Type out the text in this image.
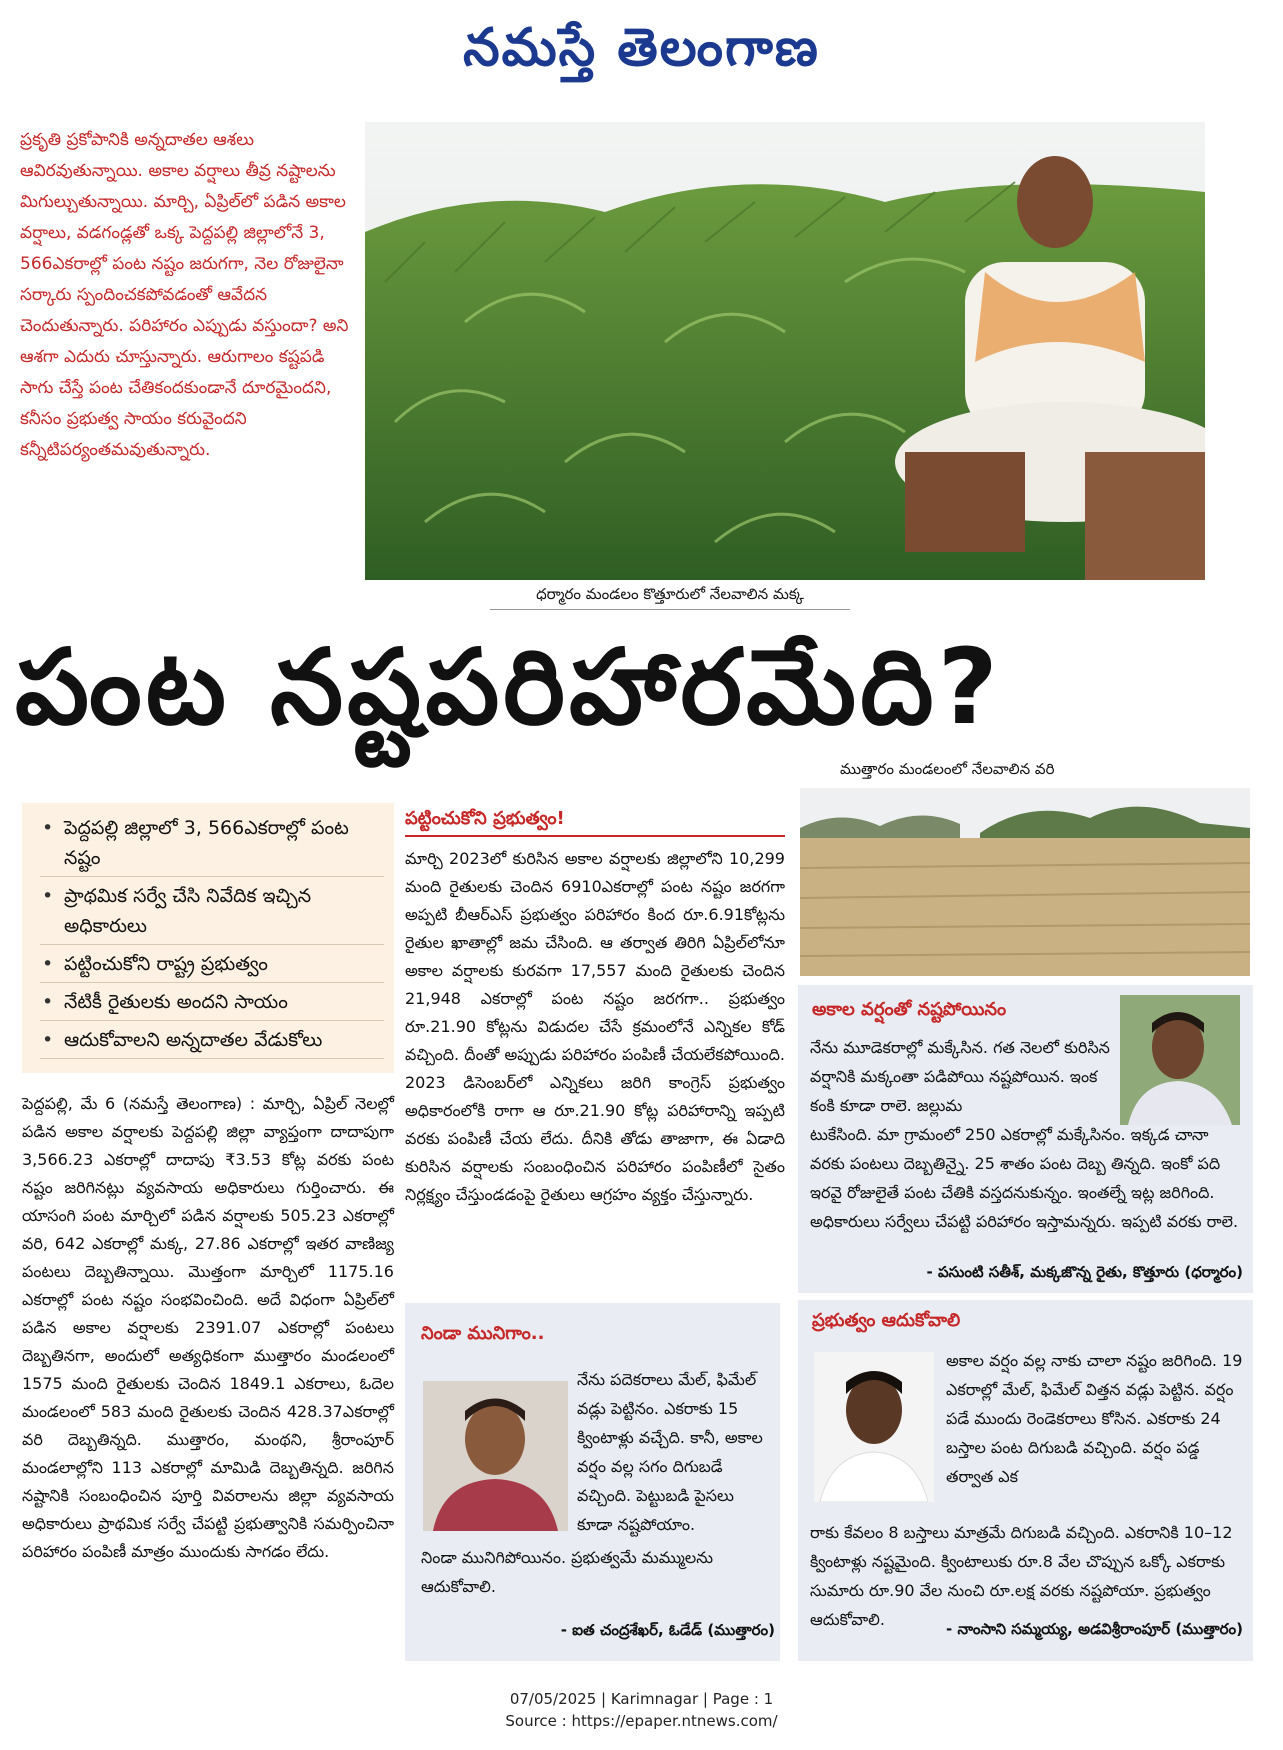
నమస్తే తెలంగాణ
ప్రకృతి ప్రకోపానికి అన్నదాతల ఆశలు ఆవిరవుతున్నాయి. అకాల వర్షాలు తీవ్ర నష్టాలను మిగుల్చుతున్నాయి. మార్చి, ఏప్రిల్‌లో పడిన అకాల వర్షాలు, వడగండ్లతో ఒక్క పెద్దపల్లి జిల్లాలోనే 3, 566ఎకరాల్లో పంట నష్టం జరుగగా, నెల రోజులైనా సర్కారు స్పందించకపోవడంతో ఆవేదన చెందుతున్నారు. పరిహారం ఎప్పుడు వస్తుందా? అని ఆశగా ఎదురు చూస్తున్నారు. ఆరుగాలం కష్టపడి సాగు చేస్తే పంట చేతికందకుండానే దూరమైందని, కనీసం ప్రభుత్వ సాయం కరువైందని కన్నీటిపర్యంతమవుతున్నారు.
ధర్మారం మండలం కొత్తూరులో నేలవాలిన మక్క
పంట నష్టపరిహారమేది?
ముత్తారం మండలంలో నేలవాలిన వరి
• పెద్దపల్లి జిల్లాలో 3, 566ఎకరాల్లో పంట నష్టం
• ప్రాథమిక సర్వే చేసి నివేదిక ఇచ్చిన అధికారులు
• పట్టించుకోని రాష్ట్ర ప్రభుత్వం
• నేటికీ రైతులకు అందని సాయం
• ఆదుకోవాలని అన్నదాతల వేడుకోలు
పెద్దపల్లి, మే 6 (నమస్తే తెలంగాణ) : మార్చి, ఏప్రిల్ నెలల్లో పడిన అకాల వర్షాలకు పెద్దపల్లి జిల్లా వ్యాప్తంగా దాదాపుగా 3,566.23 ఎకరాల్లో దాదాపు ₹3.53 కోట్ల వరకు పంట నష్టం జరిగినట్లు వ్యవసాయ అధికారులు గుర్తించారు. ఈ యాసంగి పంట మార్చిలో పడిన వర్షాలకు 505.23 ఎకరాల్లో వరి, 642 ఎకరాల్లో మక్క, 27.86 ఎకరాల్లో ఇతర వాణిజ్య పంటలు దెబ్బతిన్నాయి. మొత్తంగా మార్చిలో 1175.16 ఎకరాల్లో పంట నష్టం సంభవించింది. అదే విధంగా ఏప్రిల్‌లో పడిన అకాల వర్షాలకు 2391.07 ఎకరాల్లో పంటలు దెబ్బతినగా, అందులో అత్యధికంగా ముత్తారం మండలంలో 1575 మంది రైతులకు చెందిన 1849.1 ఎకరాలు, ఓదెల మండలంలో 583 మంది రైతులకు చెందిన 428.37ఎకరాల్లో వరి దెబ్బతిన్నది. ముత్తారం, మంథని, శ్రీరాంపూర్ మండలాల్లోని 113 ఎకరాల్లో మామిడి దెబ్బతిన్నది. జరిగిన నష్టానికి సంబంధించిన పూర్తి వివరాలను జిల్లా వ్యవసాయ అధికారులు ప్రాథమిక సర్వే చేపట్టి ప్రభుత్వానికి సమర్పించినా పరిహారం పంపిణీ మాత్రం ముందుకు సాగడం లేదు.
పట్టించుకోని ప్రభుత్వం!
మార్చి 2023లో కురిసిన అకాల వర్షాలకు జిల్లాలోని 10,299 మంది రైతులకు చెందిన 6910ఎకరాల్లో పంట నష్టం జరగగా అప్పటి బీఆర్‌ఎస్ ప్రభుత్వం పరిహారం కింద రూ.6.91కోట్లను రైతుల ఖాతాల్లో జమ చేసింది. ఆ తర్వాత తిరిగి ఏప్రిల్‌లోనూ అకాల వర్షాలకు కురవగా 17,557 మంది రైతులకు చెందిన 21,948 ఎకరాల్లో పంట నష్టం జరగగా.. ప్రభుత్వం రూ.21.90 కోట్లను విడుదల చేసే క్రమంలోనే ఎన్నికల కోడ్ వచ్చింది. దీంతో అప్పుడు పరిహారం పంపిణీ చేయలేకపోయింది. 2023 డిసెంబర్‌లో ఎన్నికలు జరిగి కాంగ్రెస్ ప్రభుత్వం అధికారంలోకి రాగా ఆ రూ.21.90 కోట్ల పరిహారాన్ని ఇప్పటి వరకు పంపిణీ చేయ లేదు. దీనికి తోడు తాజాగా, ఈ ఏడాది కురిసిన వర్షాలకు సంబంధించిన పరిహారం పంపిణీలో సైతం నిర్లక్ష్యం చేస్తుండడంపై రైతులు ఆగ్రహం వ్యక్తం చేస్తున్నారు.
నిండా మునిగాం..
నేను పదెకరాలు మేల్, ఫిమేల్ వడ్లు పెట్టినం. ఎకరాకు 15 క్వింటాళ్లు వచ్చేది. కానీ, అకాల వర్షం వల్ల సగం దిగుబడే వచ్చింది. పెట్టుబడి పైసలు కూడా నష్టపోయాం.
నిండా మునిగిపోయినం. ప్రభుత్వమే మమ్ములను ఆదుకోవాలి.
- ఐత చంద్రశేఖర్, ఓడేడ్ (ముత్తారం)
అకాల వర్షంతో నష్టపోయినం
నేను మూడెకరాల్లో మక్కేసిన. గత నెలలో కురిసిన వర్షానికి మక్కంతా పడిపోయి నష్టపోయిన. ఇంక కంకి కూడా రాలె. జల్లుమ
టుకేసింది. మా గ్రామంలో 250 ఎకరాల్లో మక్కేసినం. ఇక్కడ చానా వరకు పంటలు దెబ్బతిన్నై. 25 శాతం పంట దెబ్బ తిన్నది. ఇంకో పది ఇరవై రోజులైతే పంట చేతికి వస్తదనుకున్నం. ఇంతల్నే ఇట్ల జరిగింది. అధికారులు సర్వేలు చేపట్టి పరిహారం ఇస్తామన్నరు. ఇప్పటి వరకు రాలె.
- పసుంటి సతీశ్, మక్కజొన్న రైతు, కొత్తూరు (ధర్మారం)
ప్రభుత్వం ఆదుకోవాలి
అకాల వర్షం వల్ల నాకు చాలా నష్టం జరిగింది. 19 ఎకరాల్లో మేల్, ఫిమేల్ విత్తన వడ్లు పెట్టిన. వర్షం పడే ముందు రెండెకరాలు కోసిన. ఎకరాకు 24 బస్తాల పంట దిగుబడి వచ్చింది. వర్షం పడ్డ తర్వాత ఎక
రాకు కేవలం 8 బస్తాలు మాత్రమే దిగుబడి వచ్చింది. ఎకరానికి 10–12 క్వింటాళ్లు నష్టమైంది. క్వింటాలుకు రూ.8 వేల చొప్పున ఒక్కో ఎకరాకు సుమారు రూ.90 వేల నుంచి రూ.లక్ష వరకు నష్టపోయా. ప్రభుత్వం ఆదుకోవాలి.	- నాంసాని సమ్మయ్య, అడవిశ్రీరాంపూర్ (ముత్తారం)
07/05/2025 | Karimnagar | Page : 1
Source : https://epaper.ntnews.com/
